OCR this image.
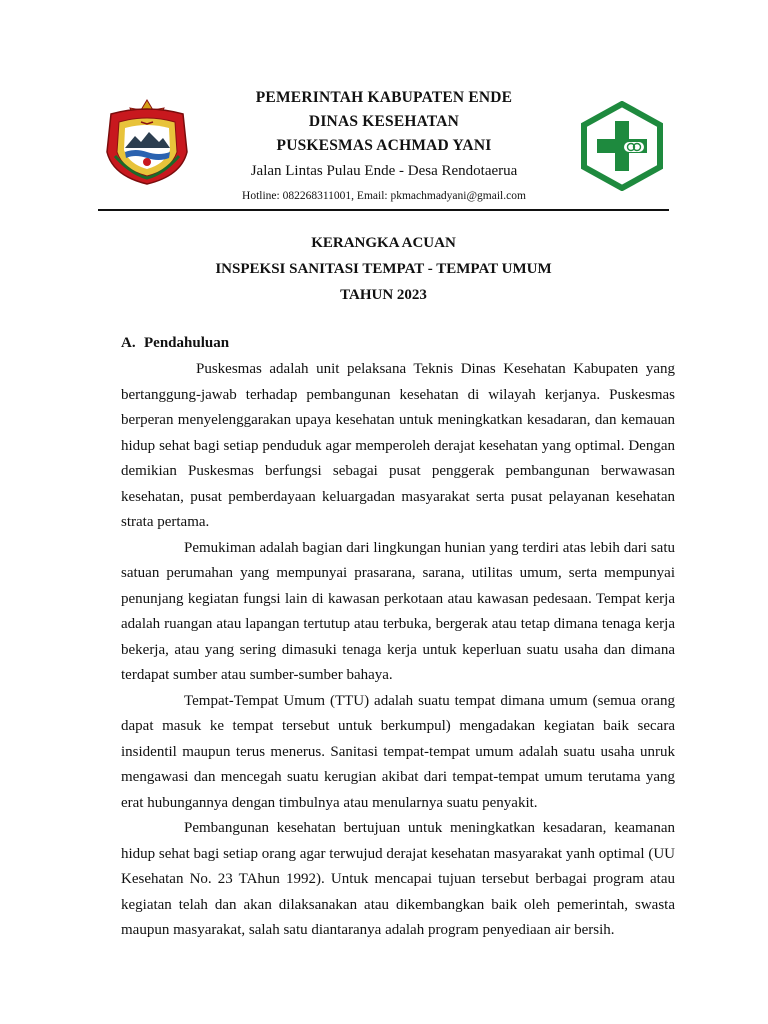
PEMERINTAH KABUPATEN ENDE
DINAS KESEHATAN
PUSKESMAS ACHMAD YANI
Jalan Lintas Pulau Ende - Desa Rendotaerua
Hotline: 082268311001, Email: pkmachmadyani@gmail.com
KERANGKA ACUAN
INSPEKSI SANITASI TEMPAT - TEMPAT UMUM
TAHUN 2023
A. Pendahuluan

Puskesmas adalah unit pelaksana Teknis Dinas Kesehatan Kabupaten yang bertanggung-jawab terhadap pembangunan kesehatan di wilayah kerjanya. Puskesmas berperan menyelenggarakan upaya kesehatan untuk meningkatkan kesadaran, dan kemauan hidup sehat bagi setiap penduduk agar memperoleh derajat kesehatan yang optimal. Dengan demikian Puskesmas berfungsi sebagai pusat penggerak pembangunan berwawasan kesehatan, pusat pemberdayaan keluargadan masyarakat serta pusat pelayanan kesehatan strata pertama.

Pemukiman adalah bagian dari lingkungan hunian yang terdiri atas lebih dari satu satuan perumahan yang mempunyai prasarana, sarana, utilitas umum, serta mempunyai penunjang kegiatan fungsi lain di kawasan perkotaan atau kawasan pedesaan. Tempat kerja adalah ruangan atau lapangan tertutup atau terbuka, bergerak atau tetap dimana tenaga kerja bekerja, atau yang sering dimasuki tenaga kerja untuk keperluan suatu usaha dan dimana terdapat sumber atau sumber-sumber bahaya.

Tempat-Tempat Umum (TTU) adalah suatu tempat dimana umum (semua orang dapat masuk ke tempat tersebut untuk berkumpul) mengadakan kegiatan baik secara insidentil maupun terus menerus. Sanitasi tempat-tempat umum adalah suatu usaha unruk mengawasi dan mencegah suatu kerugian akibat dari tempat-tempat umum terutama yang erat hubungannya dengan timbulnya atau menularnya suatu penyakit.

Pembangunan kesehatan bertujuan untuk meningkatkan kesadaran, keamanan hidup sehat bagi setiap orang agar terwujud derajat kesehatan masyarakat yanh optimal (UU Kesehatan No. 23 TAhun 1992). Untuk mencapai tujuan tersebut berbagai program atau kegiatan telah dan akan dilaksanakan atau dikembangkan baik oleh pemerintah, swasta maupun masyarakat, salah satu diantaranya adalah program penyediaan air bersih.
